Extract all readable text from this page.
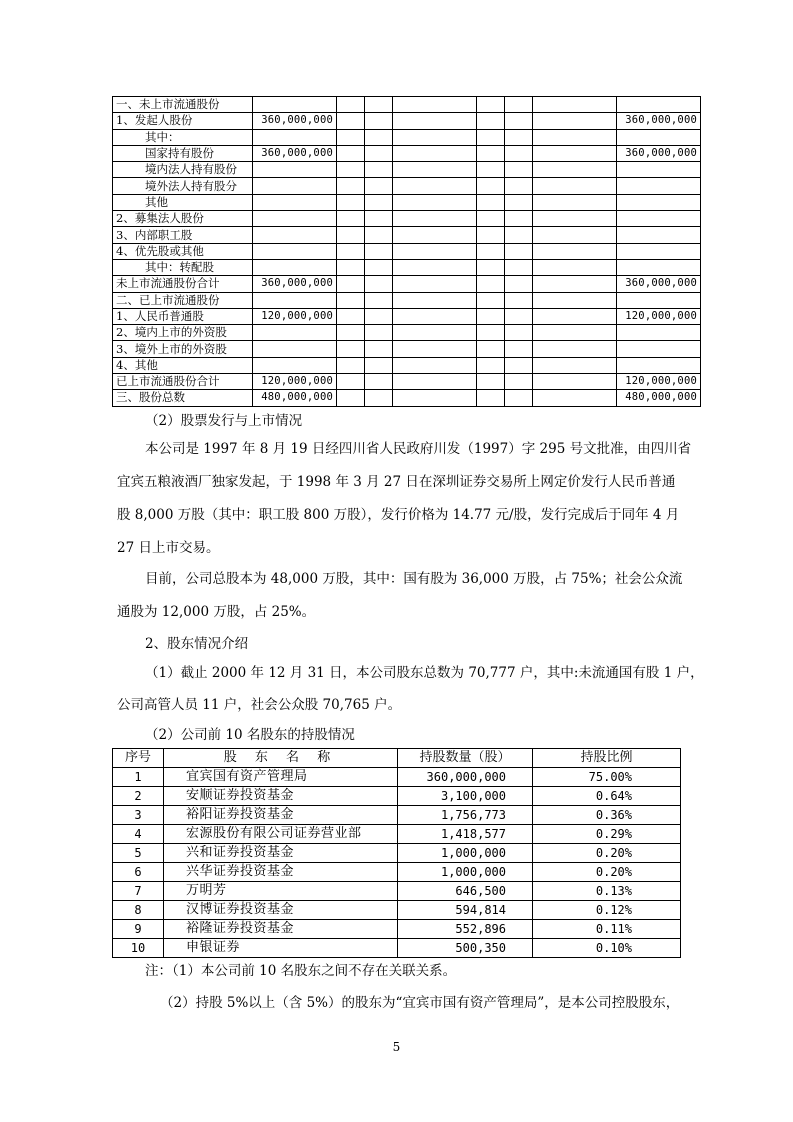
一、未上市流通股份								
1、发起人股份	360,000,000							360,000,000
其中：								
国家持有股份	360,000,000							360,000,000
境内法人持有股份								
境外法人持有股分								
其他								
2、募集法人股份								
3、内部职工股								
4、优先股或其他								
其中：转配股								
未上市流通股份合计	360,000,000							360,000,000
二、已上市流通股份								
1、人民币普通股	120,000,000							120,000,000
2、境内上市的外资股								
3、境外上市的外资股								
4、其他								
已上市流通股份合计	120,000,000							120,000,000
三、股份总数	480,000,000							480,000,000
（2）股票发行与上市情况
本公司是 1997 年 8 月 19 日经四川省人民政府川发（1997）字 295 号文批准，由四川省
宜宾五粮液酒厂独家发起，于 1998 年 3 月 27 日在深圳证券交易所上网定价发行人民币普通
股 8,000 万股（其中：职工股 800 万股），发行价格为 14.77 元/股，发行完成后于同年 4 月
27 日上市交易。
目前，公司总股本为 48,000 万股，其中：国有股为 36,000 万股，占 75%；社会公众流
通股为 12,000 万股，占 25%。
2、股东情况介绍
（1）截止 2000 年 12 月 31 日，本公司股东总数为 70,777 户，其中:未流通国有股 1 户，
公司高管人员 11 户，社会公众股 70,765 户。
（2）公司前 10 名股东的持股情况
序号	股 东 名 称	持股数量（股）	持股比例
1	宜宾国有资产管理局	360,000,000	75.00%
2	安顺证券投资基金	3,100,000	0.64%
3	裕阳证券投资基金	1,756,773	0.36%
4	宏源股份有限公司证券营业部	1,418,577	0.29%
5	兴和证券投资基金	1,000,000	0.20%
6	兴华证券投资基金	1,000,000	0.20%
7	万明芳	646,500	0.13%
8	汉博证券投资基金	594,814	0.12%
9	裕隆证券投资基金	552,896	0.11%
10	申银证券	500,350	0.10%
注：（1）本公司前 10 名股东之间不存在关联关系。
（2）持股 5%以上（含 5%）的股东为“宜宾市国有资产管理局”，是本公司控股股东，
5
